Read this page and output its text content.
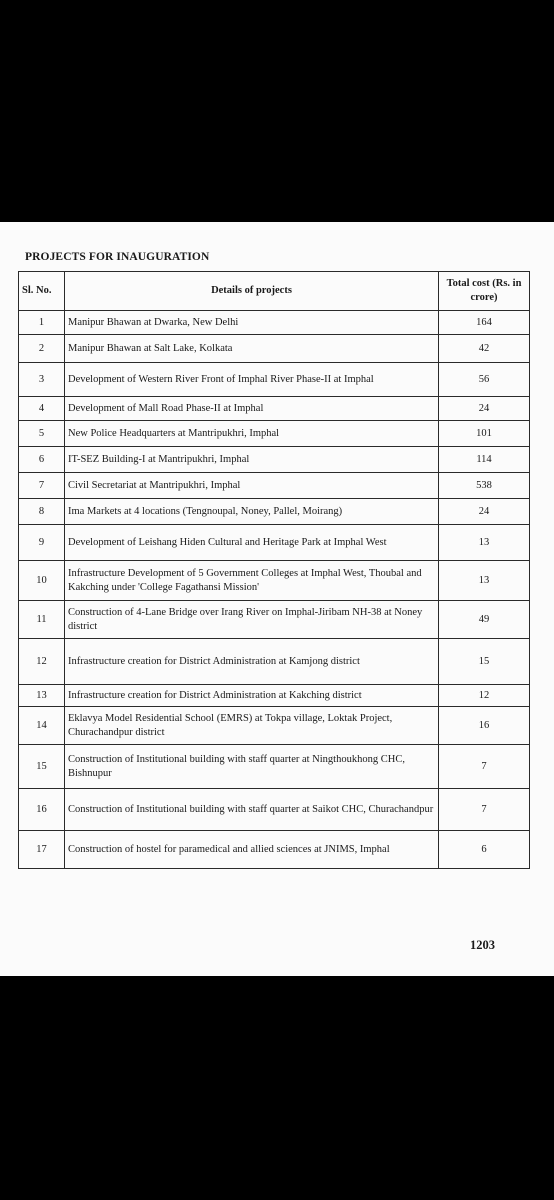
PROJECTS FOR INAUGURATION
Sl. No.	Details of projects	Total cost (Rs. in crore)
1	Manipur Bhawan at Dwarka, New Delhi	164
2	Manipur Bhawan at Salt Lake, Kolkata	42
3	Development of Western River Front of Imphal River Phase-II at Imphal	56
4	Development of Mall Road Phase-II at Imphal	24
5	New Police Headquarters at Mantripukhri, Imphal	101
6	IT-SEZ Building-I at Mantripukhri, Imphal	114
7	Civil Secretariat at Mantripukhri, Imphal	538
8	Ima Markets at 4 locations (Tengnoupal, Noney, Pallel, Moirang)	24
9	Development of Leishang Hiden Cultural and Heritage Park at Imphal West	13
10	Infrastructure Development of 5 Government Colleges at Imphal West, Thoubal and Kakching under 'College Fagathansi Mission'	13
11	Construction of 4-Lane Bridge over Irang River on Imphal-Jiribam NH-38 at Noney district	49
12	Infrastructure creation for District Administration at Kamjong district	15
13	Infrastructure creation for District Administration at Kakching district	12
14	Eklavya Model Residential School (EMRS) at Tokpa village, Loktak Project, Churachandpur district	16
15	Construction of Institutional building with staff quarter at Ningthoukhong CHC, Bishnupur	7
16	Construction of Institutional building with staff quarter at Saikot CHC, Churachandpur	7
17	Construction of hostel for paramedical and allied sciences at JNIMS, Imphal	6
1203
